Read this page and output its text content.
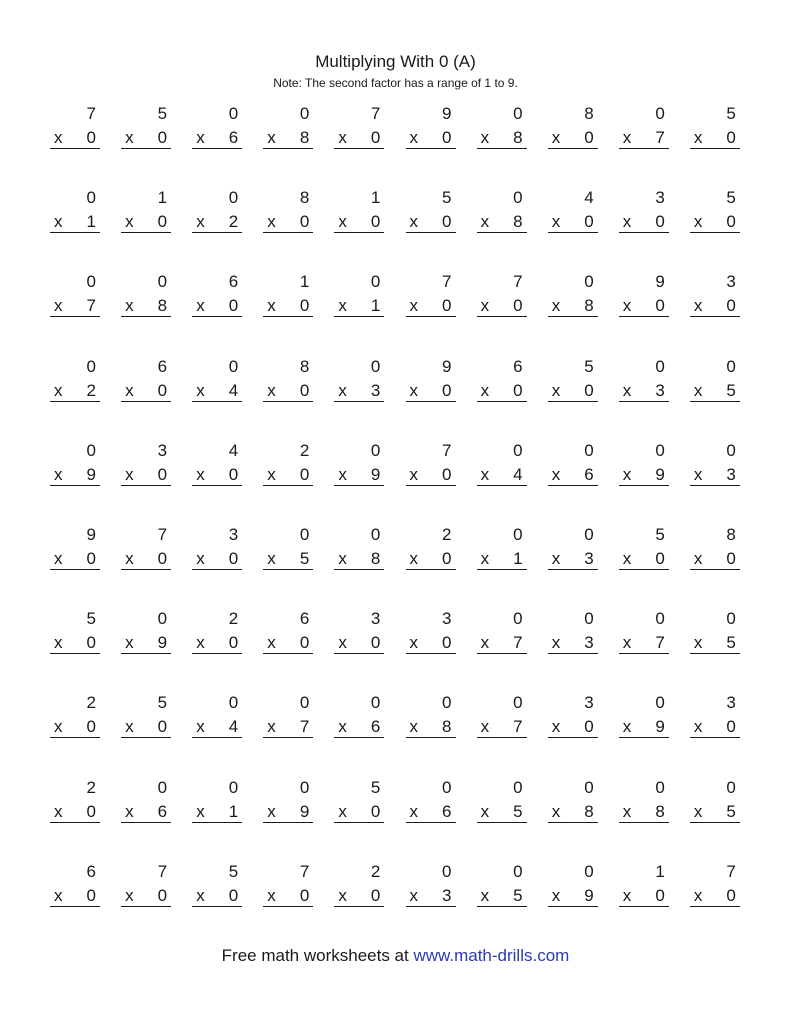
Multiplying With 0 (A)
Note: The second factor has a range of 1 to 9.
7
x 0
5
x 0
0
x 6
0
x 8
7
x 0
9
x 0
0
x 8
8
x 0
0
x 7
5
x 0
0
x 1
1
x 0
0
x 2
8
x 0
1
x 0
5
x 0
0
x 8
4
x 0
3
x 0
5
x 0
0
x 7
0
x 8
6
x 0
1
x 0
0
x 1
7
x 0
7
x 0
0
x 8
9
x 0
3
x 0
0
x 2
6
x 0
0
x 4
8
x 0
0
x 3
9
x 0
6
x 0
5
x 0
0
x 3
0
x 5
0
x 9
3
x 0
4
x 0
2
x 0
0
x 9
7
x 0
0
x 4
0
x 6
0
x 9
0
x 3
9
x 0
7
x 0
3
x 0
0
x 5
0
x 8
2
x 0
0
x 1
0
x 3
5
x 0
8
x 0
5
x 0
0
x 9
2
x 0
6
x 0
3
x 0
3
x 0
0
x 7
0
x 3
0
x 7
0
x 5
2
x 0
5
x 0
0
x 4
0
x 7
0
x 6
0
x 8
0
x 7
3
x 0
0
x 9
3
x 0
2
x 0
0
x 6
0
x 1
0
x 9
5
x 0
0
x 6
0
x 5
0
x 8
0
x 8
0
x 5
6
x 0
7
x 0
5
x 0
7
x 0
2
x 0
0
x 3
0
x 5
0
x 9
1
x 0
7
x 0
Free math worksheets at www.math-drills.com
